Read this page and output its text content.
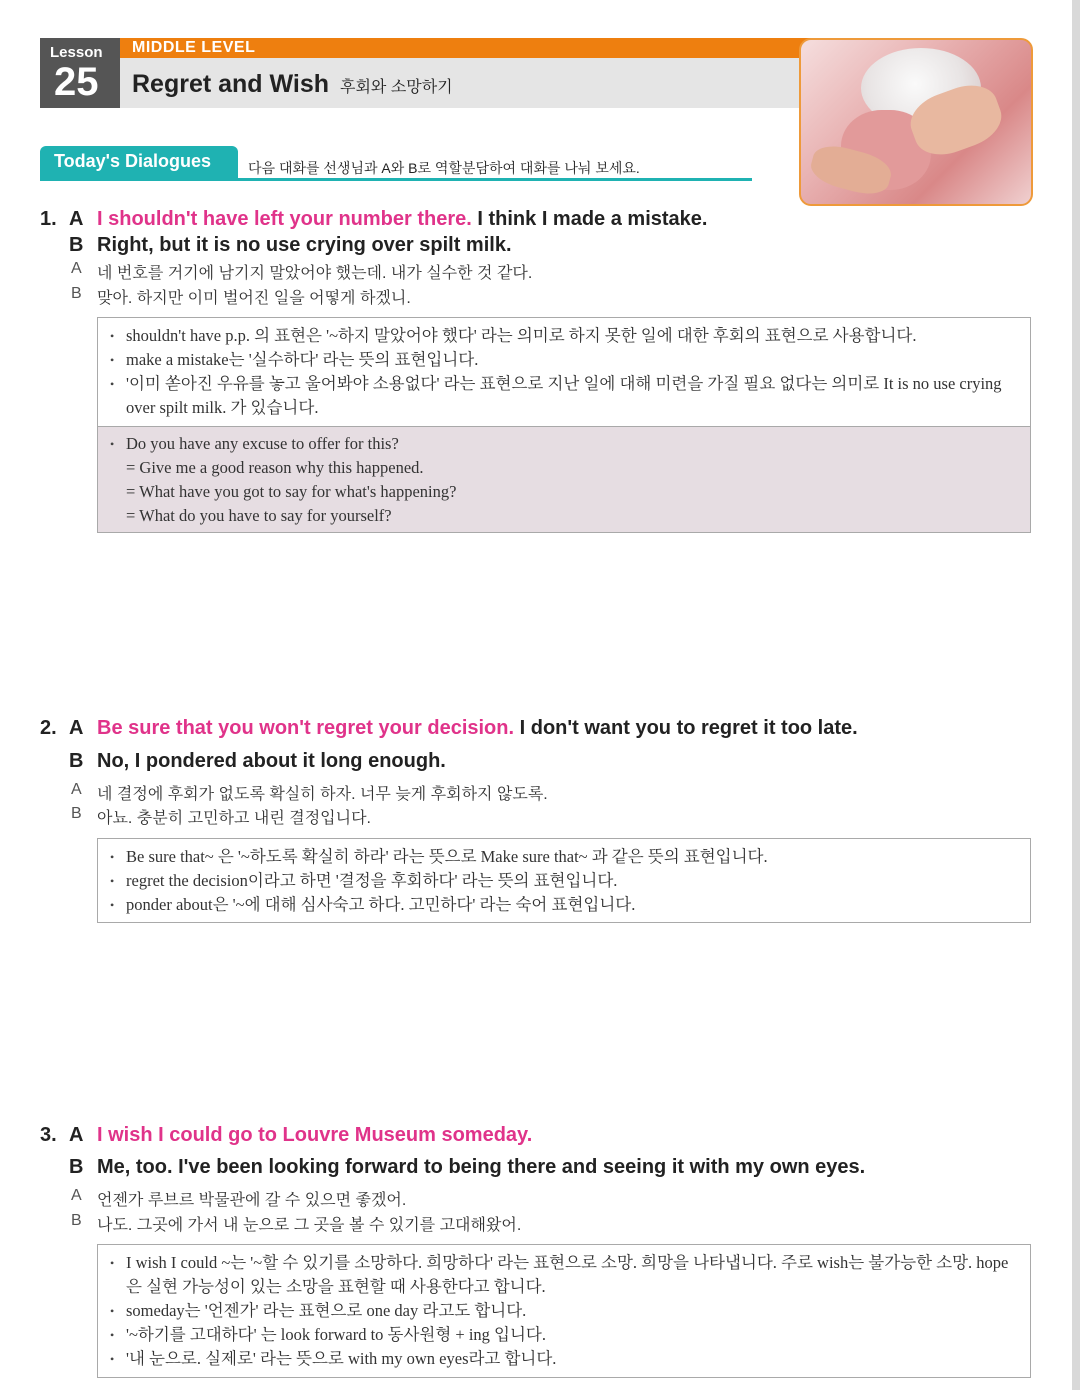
Lesson
25
MIDDLE LEVEL
Regret and Wish 후회와 소망하기
Today's Dialogues	다음 대화를 선생님과 A와 B로 역할분담하여 대화를 나눠 보세요.
1. A I shouldn't have left your number there. I think I made a mistake.
B Right, but it is no use crying over spilt milk.
A 네 번호를 거기에 남기지 말았어야 했는데. 내가 실수한 것 같다.
B 맞아. 하지만 이미 벌어진 일을 어떻게 하겠니.
• shouldn't have p.p. 의 표현은 '~하지 말았어야 했다' 라는 의미로 하지 못한 일에 대한 후회의 표현으로 사용합니다.
• make a mistake는 '실수하다' 라는 뜻의 표현입니다.
• '이미 쏟아진 우유를 놓고 울어봐야 소용없다' 라는 표현으로 지난 일에 대해 미련을 가질 필요 없다는 의미로 It is no use crying over spilt milk. 가 있습니다.
• Do you have any excuse to offer for this?
= Give me a good reason why this happened.
= What have you got to say for what's happening?
= What do you have to say for yourself?
2. A Be sure that you won't regret your decision. I don't want you to regret it too late.
B No, I pondered about it long enough.
A 네 결정에 후회가 없도록 확실히 하자. 너무 늦게 후회하지 않도록.
B 아뇨. 충분히 고민하고 내린 결정입니다.
• Be sure that~ 은 '~하도록 확실히 하라' 라는 뜻으로 Make sure that~ 과 같은 뜻의 표현입니다.
• regret the decision이라고 하면 '결정을 후회하다' 라는 뜻의 표현입니다.
• ponder about은 '~에 대해 심사숙고 하다. 고민하다' 라는 숙어 표현입니다.
3. A I wish I could go to Louvre Museum someday.
B Me, too. I've been looking forward to being there and seeing it with my own eyes.
A 언젠가 루브르 박물관에 갈 수 있으면 좋겠어.
B 나도. 그곳에 가서 내 눈으로 그 곳을 볼 수 있기를 고대해왔어.
• I wish I could ~는 '~할 수 있기를 소망하다. 희망하다' 라는 표현으로 소망. 희망을 나타냅니다. 주로 wish는 불가능한 소망. hope은 실현 가능성이 있는 소망을 표현할 때 사용한다고 합니다.
• someday는 '언젠가' 라는 표현으로 one day 라고도 합니다.
• '~하기를 고대하다' 는 look forward to 동사원형 + ing 입니다.
• '내 눈으로. 실제로' 라는 뜻으로 with my own eyes라고 합니다.
